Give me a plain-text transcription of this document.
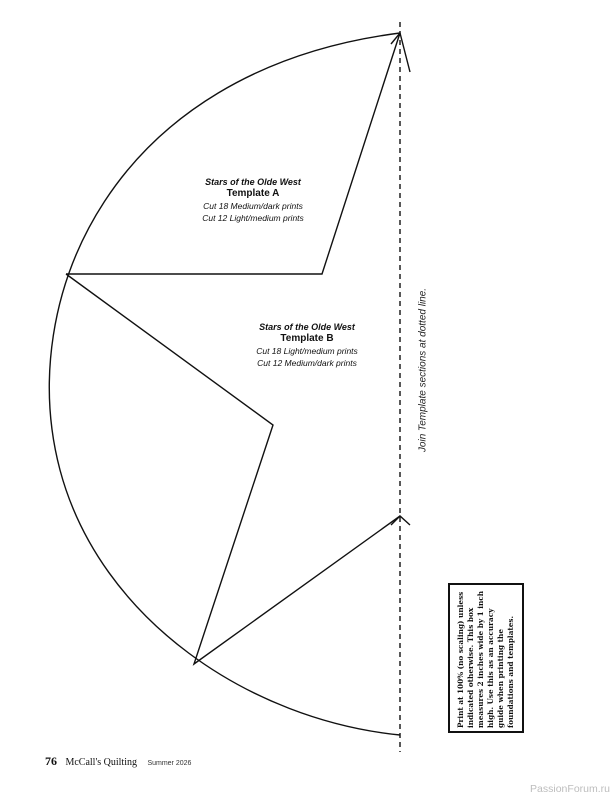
Stars of the Olde West
Template A
Cut 18 Medium/dark prints
Cut 12 Light/medium prints
Stars of the Olde West
Template B
Cut 18 Light/medium prints
Cut 12 Medium/dark prints	Join Template sections at dotted line.
Print at 100% (no scaling) unless indicated otherwise. This box measures 2 inches wide by 1 inch high. Use this as an accuracy guide when printing the foundations and templates.
76 McCall's Quilting Summer 2026
PassionForum.ru
